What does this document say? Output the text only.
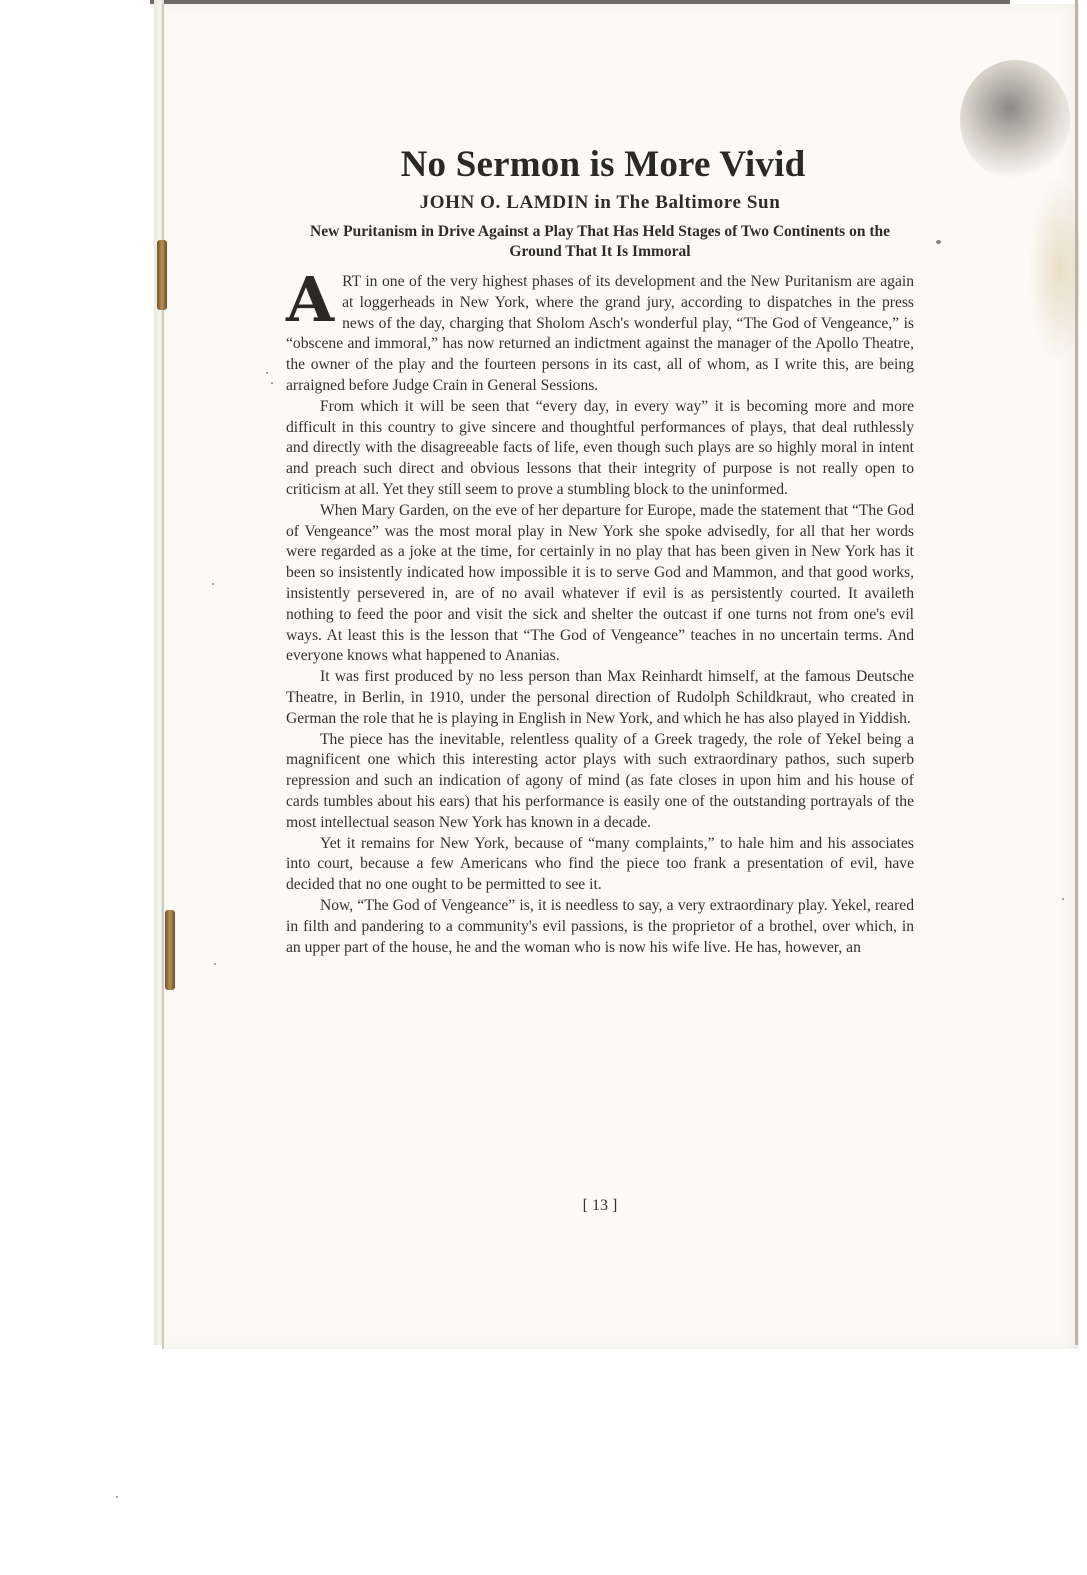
No Sermon is More Vivid
JOHN O. LAMDIN in The Baltimore Sun
New Puritanism in Drive Against a Play That Has Held Stages of Two Continents on the Ground That It Is Immoral

ART in one of the very highest phases of its development and the New Puritanism are again at loggerheads in New York, where the grand jury, according to dispatches in the press news of the day, charging that Sholom Asch's wonderful play, “The God of Vengeance,” is “obscene and immoral,” has now returned an indictment against the manager of the Apollo Theatre, the owner of the play and the fourteen persons in its cast, all of whom, as I write this, are being arraigned before Judge Crain in General Sessions.

From which it will be seen that “every day, in every way” it is becoming more and more difficult in this country to give sincere and thoughtful performances of plays, that deal ruthlessly and directly with the disagreeable facts of life, even though such plays are so highly moral in intent and preach such direct and obvious lessons that their integrity of purpose is not really open to criticism at all. Yet they still seem to prove a stumbling block to the uninformed.

When Mary Garden, on the eve of her departure for Europe, made the statement that “The God of Vengeance” was the most moral play in New York she spoke advisedly, for all that her words were regarded as a joke at the time, for certainly in no play that has been given in New York has it been so insistently indicated how impossible it is to serve God and Mammon, and that good works, insistently persevered in, are of no avail whatever if evil is as persistently courted. It availeth nothing to feed the poor and visit the sick and shelter the outcast if one turns not from one's evil ways. At least this is the lesson that “The God of Vengeance” teaches in no uncertain terms. And everyone knows what happened to Ananias.

It was first produced by no less person than Max Reinhardt himself, at the famous Deutsche Theatre, in Berlin, in 1910, under the personal direction of Rudolph Schildkraut, who created in German the role that he is playing in English in New York, and which he has also played in Yiddish.

The piece has the inevitable, relentless quality of a Greek tragedy, the role of Yekel being a magnificent one which this interesting actor plays with such extraordinary pathos, such superb repression and such an indication of agony of mind (as fate closes in upon him and his house of cards tumbles about his ears) that his performance is easily one of the outstanding portrayals of the most intellectual season New York has known in a decade.

Yet it remains for New York, because of “many complaints,” to hale him and his associates into court, because a few Americans who find the piece too frank a presentation of evil, have decided that no one ought to be permitted to see it.

Now, “The God of Vengeance” is, it is needless to say, a very extraordinary play. Yekel, reared in filth and pandering to a community's evil passions, is the proprietor of a brothel, over which, in an upper part of the house, he and the woman who is now his wife live. He has, however, an

[ 13 ]
